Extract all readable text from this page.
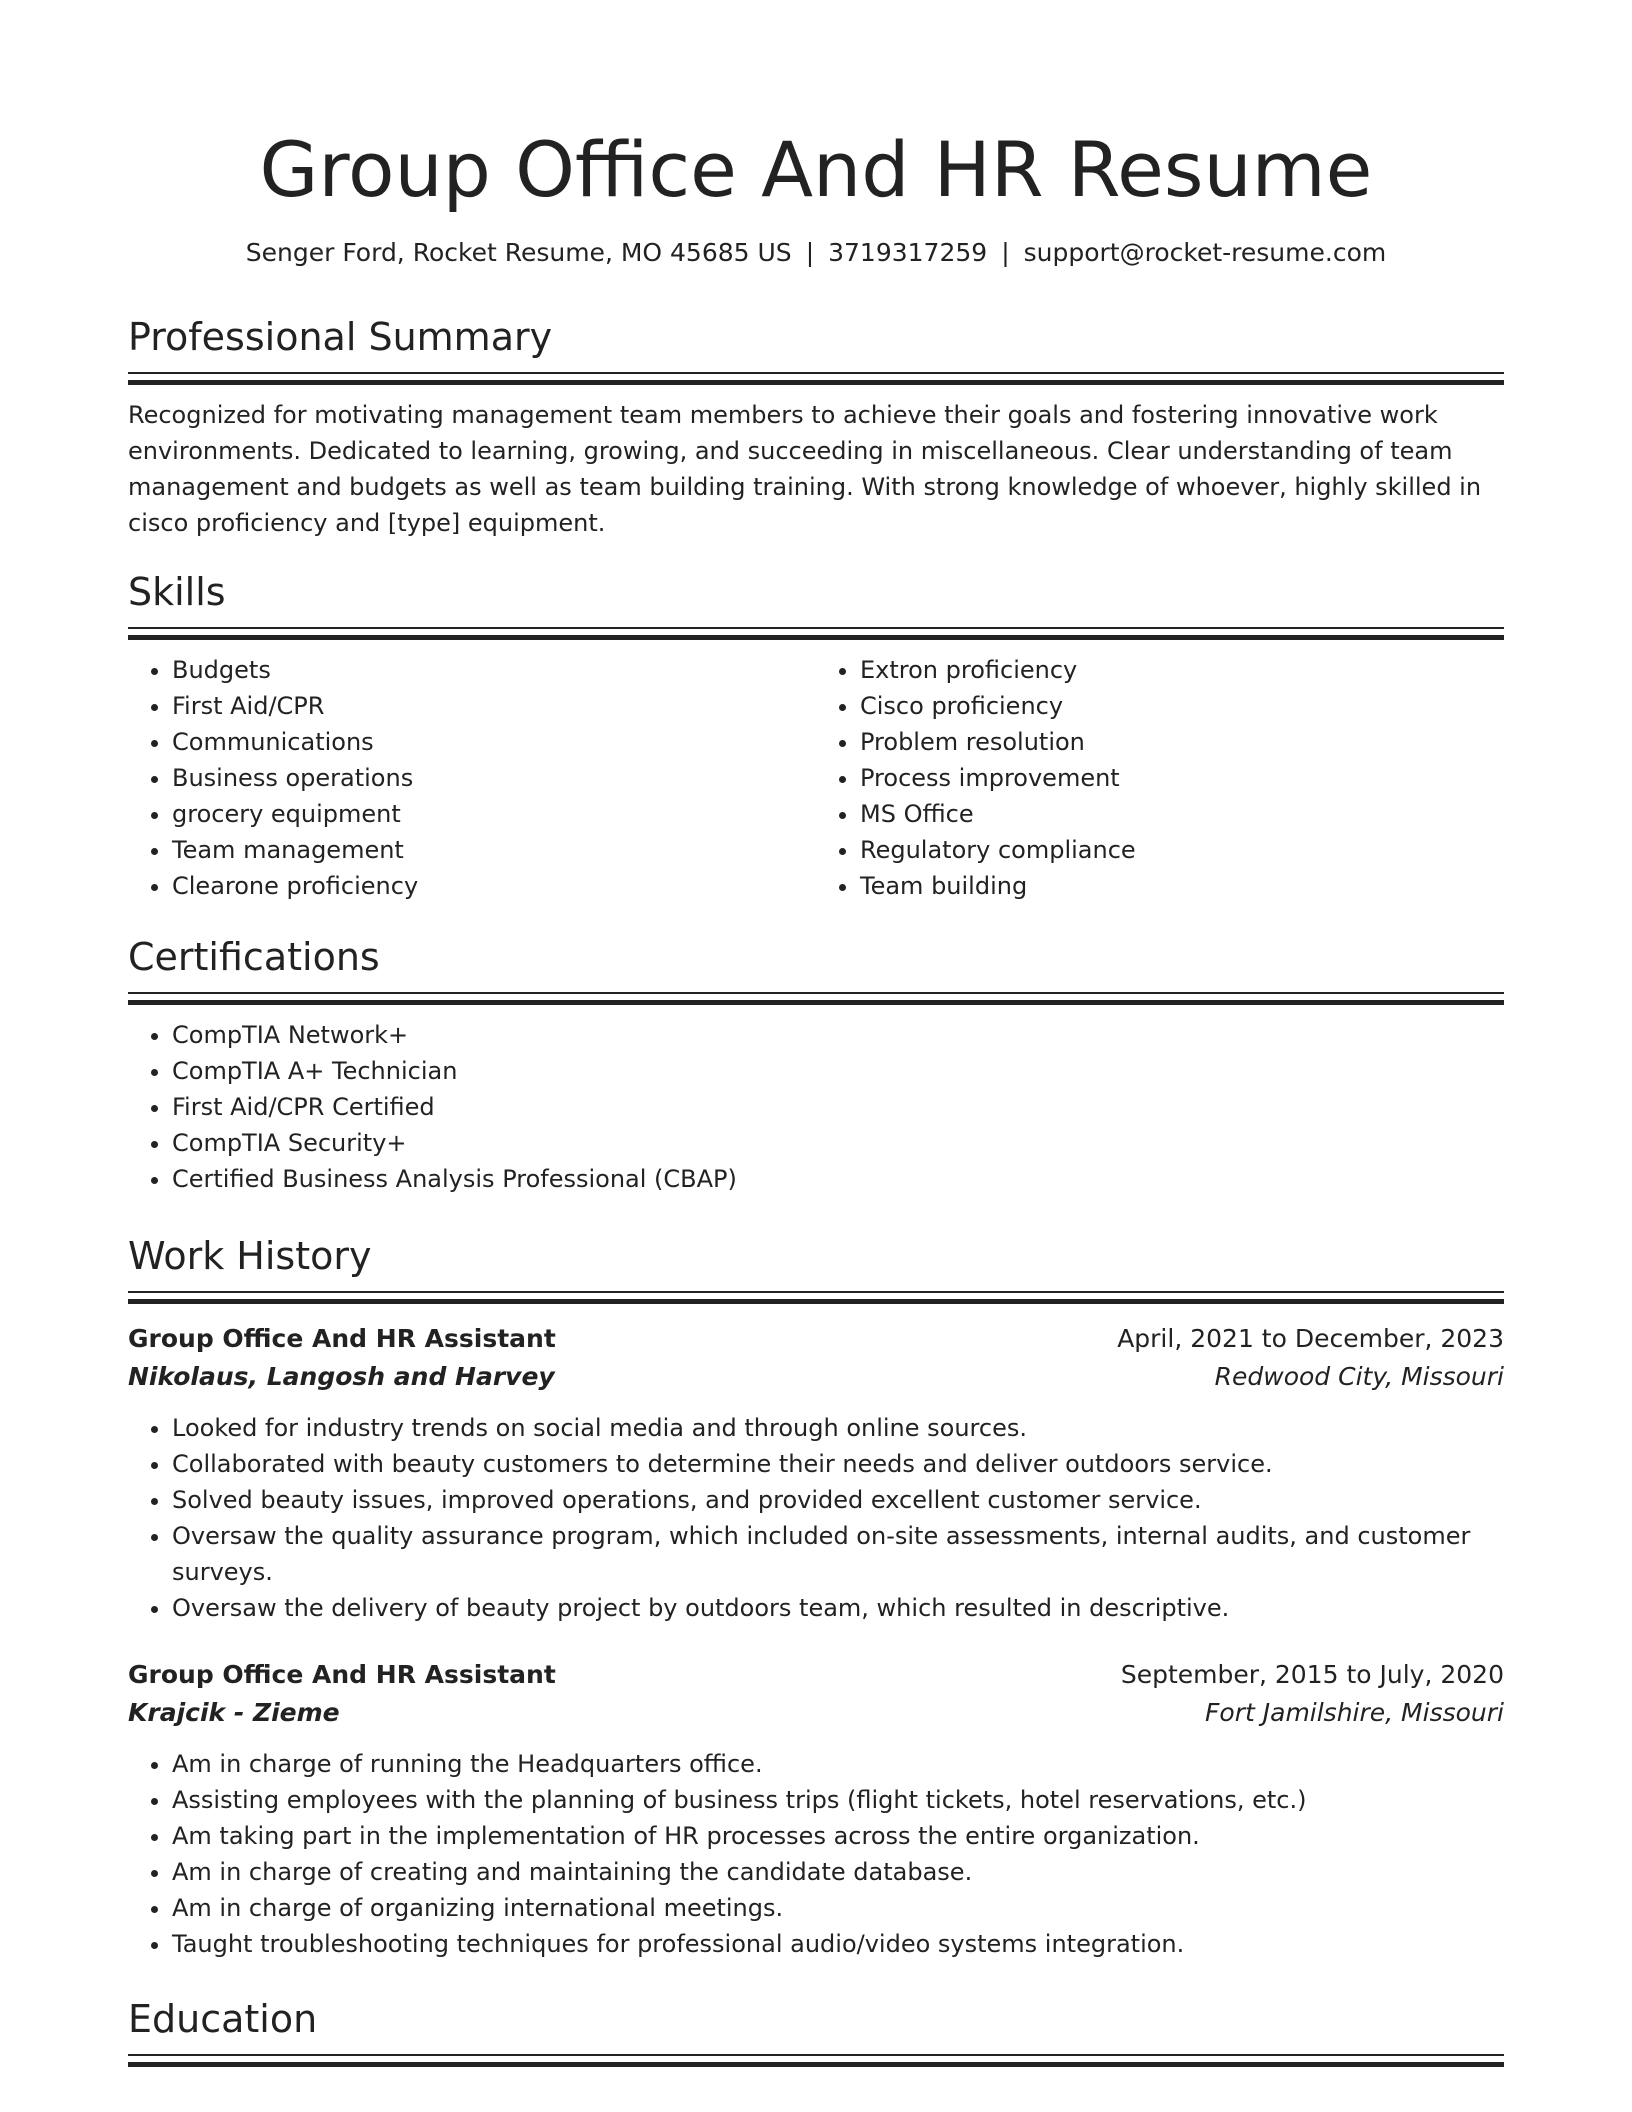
Group Office And HR Resume
Senger Ford, Rocket Resume, MO 45685 US | 3719317259 | support@rocket-resume.com
Professional Summary

Recognized for motivating management team members to achieve their goals and fostering innovative work environments. Dedicated to learning, growing, and succeeding in miscellaneous. Clear understanding of team management and budgets as well as team building training. With strong knowledge of whoever, highly skilled in cisco proficiency and [type] equipment.

Skills
• Budgets
• First Aid/CPR
• Communications
• Business operations
• grocery equipment
• Team management
• Clearone proficiency
• Extron proficiency
• Cisco proficiency
• Problem resolution
• Process improvement
• MS Office
• Regulatory compliance
• Team building
Certifications
• CompTIA Network+
• CompTIA A+ Technician
• First Aid/CPR Certified
• CompTIA Security+
• Certified Business Analysis Professional (CBAP)
Work History
Group Office And HR Assistant	April, 2021 to December, 2023
Nikolaus, Langosh and Harvey	Redwood City, Missouri
• Looked for industry trends on social media and through online sources.
• Collaborated with beauty customers to determine their needs and deliver outdoors service.
• Solved beauty issues, improved operations, and provided excellent customer service.
• Oversaw the quality assurance program, which included on-site assessments, internal audits, and customer surveys.
• Oversaw the delivery of beauty project by outdoors team, which resulted in descriptive.
Group Office And HR Assistant	September, 2015 to July, 2020
Krajcik - Zieme	Fort Jamilshire, Missouri
• Am in charge of running the Headquarters office.
• Assisting employees with the planning of business trips (flight tickets, hotel reservations, etc.)
• Am taking part in the implementation of HR processes across the entire organization.
• Am in charge of creating and maintaining the candidate database.
• Am in charge of organizing international meetings.
• Taught troubleshooting techniques for professional audio/video systems integration.
Education
